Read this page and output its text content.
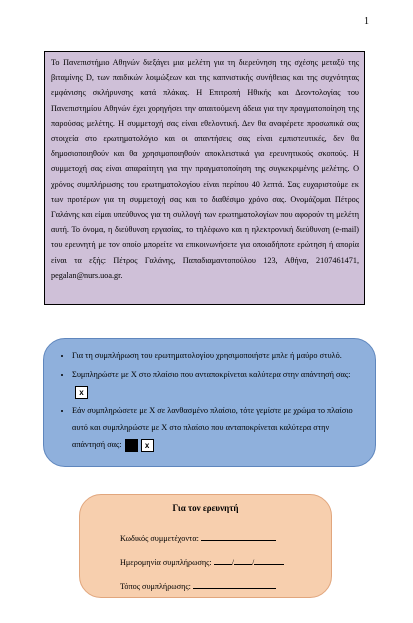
1
Το Πανεπιστήμιο Αθηνών διεξάγει μια μελέτη για τη διερεύνηση της σχέσης μεταξύ της βιταμίνης D, των παιδικών λοιμώξεων και της καπνιστικής συνήθειας και της συχνότητας εμφάνισης σκλήρυνσης κατά πλάκας. Η Επιτροπή Ηθικής και Δεοντολογίας του Πανεπιστημίου Αθηνών έχει χορηγήσει την απαιτούμενη άδεια για την πραγματοποίηση της παρούσας μελέτης. Η συμμετοχή σας είναι εθελοντική. Δεν θα αναφέρετε προσωπικά σας στοιχεία στο ερωτηματολόγιο και οι απαντήσεις σας είναι εμπιστευτικές, δεν θα δημοσιοποιηθούν και θα χρησιμοποιηθούν αποκλειστικά για ερευνητικούς σκοπούς. Η συμμετοχή σας είναι απαραίτητη για την πραγματοποίηση της συγκεκριμένης μελέτης. Ο χρόνος συμπλήρωσης του ερωτηματολογίου είναι περίπου 40 λεπτά. Σας ευχαριστούμε εκ των προτέρων για τη συμμετοχή σας και το διαθέσιμο χρόνο σας. Ονομάζομαι Πέτρος Γαλάνης και είμαι υπεύθυνος για τη συλλογή των ερωτηματολογίων που αφορούν τη μελέτη αυτή. Το όνομα, η διεύθυνση εργασίας, το τηλέφωνο και η ηλεκτρονική διεύθυνση (e-mail) του ερευνητή με τον οποίο μπορείτε να επικοινωνήσετε για οποιαδήποτε ερώτηση ή απορία είναι τα εξής: Πέτρος Γαλάνης, Παπαδιαμαντοπούλου 123, Αθήνα, 2107461471, pegalan@nurs.uoa.gr.
• Για τη συμπλήρωση του ερωτηματολογίου χρησιμοποιήστε μπλε ή μαύρο στυλό.
• Συμπληρώστε με X στο πλαίσιο που ανταποκρίνεται καλύτερα στην απάντησή σας:x
• Εάν συμπληρώσετε με X σε λανθασμένο πλαίσιο, τότε γεμίστε με χρώμα το πλαίσιο αυτό και συμπληρώστε με X στο πλαίσιο που ανταποκρίνεται καλύτερα στην απάντησή σας:	x
Για τον ερευνητή
Κωδικός συμμετέχοντα:
Ημερομηνία συμπλήρωσης: / /
Τόπος συμπλήρωσης:
